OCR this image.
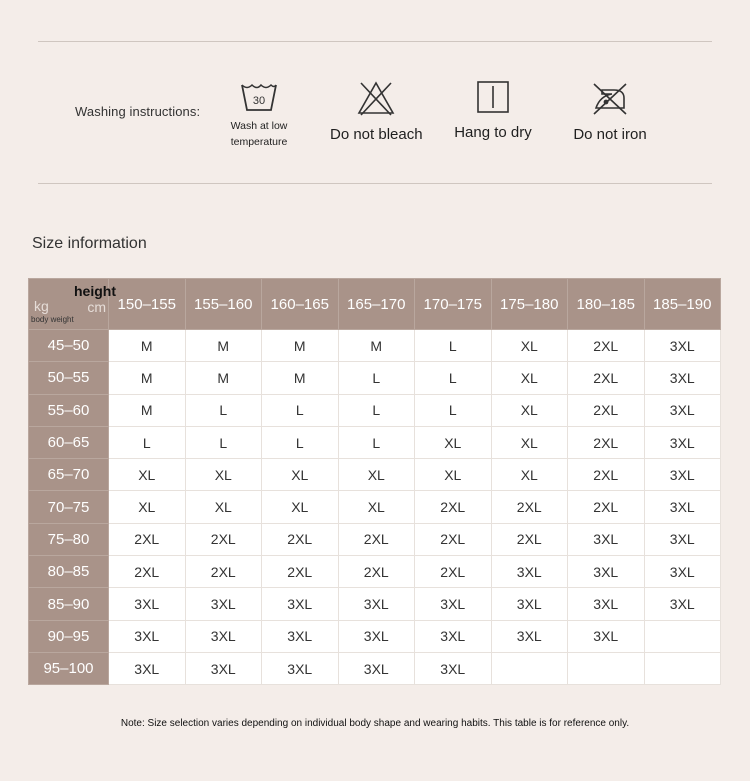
Washing instructions:
30
Wash at low temperature	Do not bleach	Hang to dry	Do not iron
Size information
height
kg cm
body weight	150–155	155–160	160–165	165–170	170–175	175–180	180–185	185–190
45–50	M	M	M	M	L	XL	2XL	3XL
50–55	M	M	M	L	L	XL	2XL	3XL
55–60	M	L	L	L	L	XL	2XL	3XL
60–65	L	L	L	L	XL	XL	2XL	3XL
65–70	XL	XL	XL	XL	XL	XL	2XL	3XL
70–75	XL	XL	XL	XL	2XL	2XL	2XL	3XL
75–80	2XL	2XL	2XL	2XL	2XL	2XL	3XL	3XL
80–85	2XL	2XL	2XL	2XL	2XL	3XL	3XL	3XL
85–90	3XL	3XL	3XL	3XL	3XL	3XL	3XL	3XL
90–95	3XL	3XL	3XL	3XL	3XL	3XL	3XL	
95–100	3XL	3XL	3XL	3XL	3XL			
Note: Size selection varies depending on individual body shape and wearing habits. This table is for reference only.
